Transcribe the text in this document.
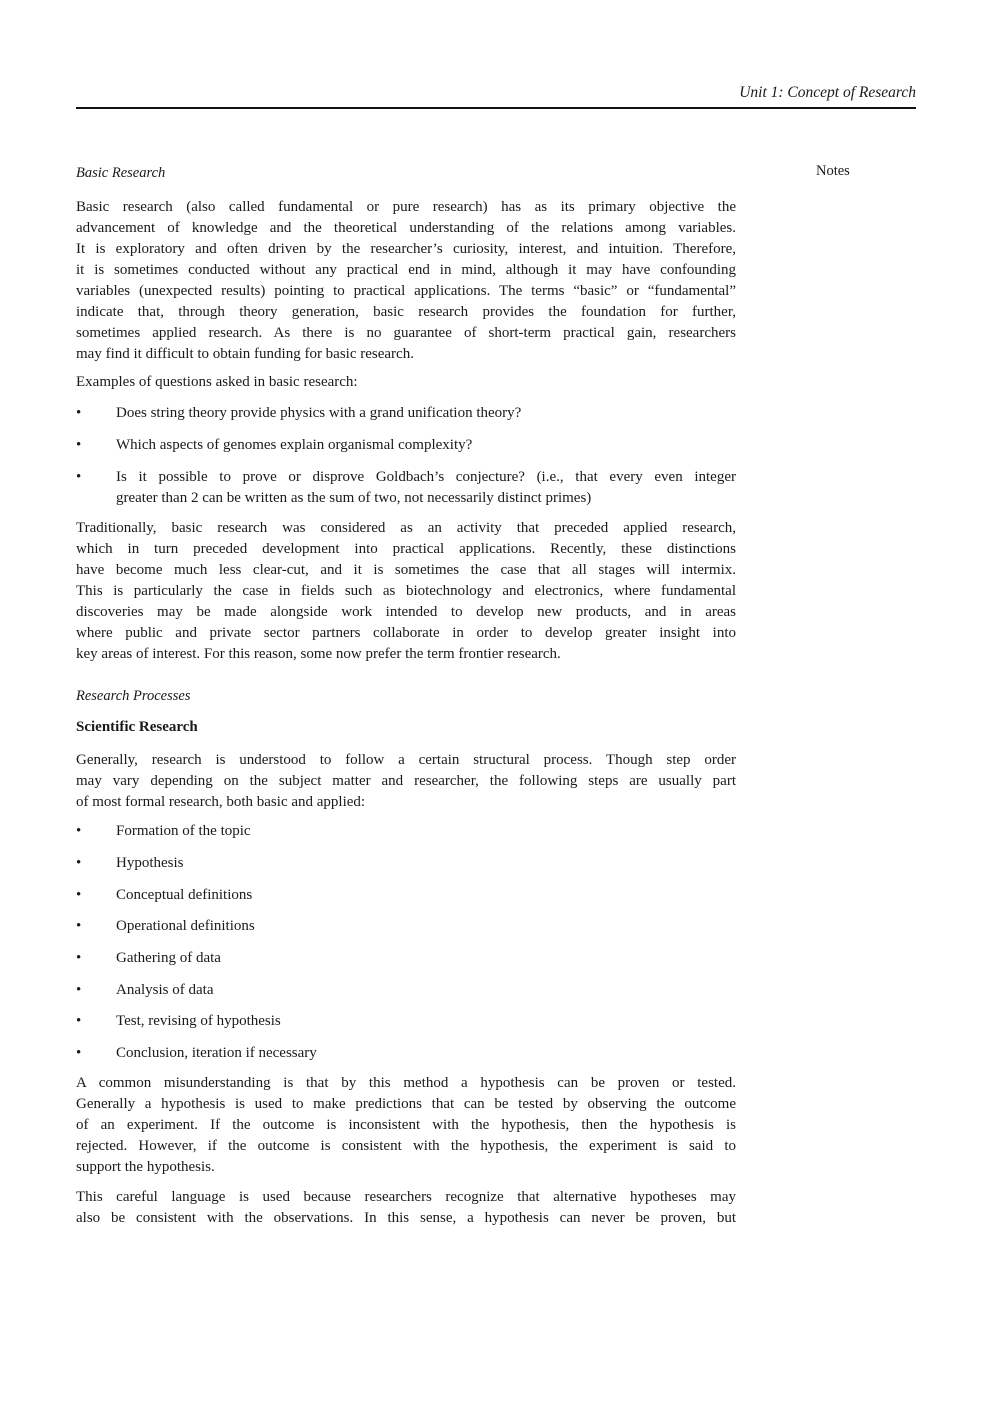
Unit 1: Concept of Research
Notes
Basic Research
Basic research (also called fundamental or pure research) has as its primary objective the
advancement of knowledge and the theoretical understanding of the relations among variables.
It is exploratory and often driven by the researcher’s curiosity, interest, and intuition. Therefore,
it is sometimes conducted without any practical end in mind, although it may have confounding
variables (unexpected results) pointing to practical applications. The terms “basic” or “fundamental”
indicate that, through theory generation, basic research provides the foundation for further,
sometimes applied research. As there is no guarantee of short-term practical gain, researchers
may find it difficult to obtain funding for basic research.
Examples of questions asked in basic research:
• Does string theory provide physics with a grand unification theory?
• Which aspects of genomes explain organismal complexity?
• Is it possible to prove or disprove Goldbach’s conjecture? (i.e., that every even integer
greater than 2 can be written as the sum of two, not necessarily distinct primes)
Traditionally, basic research was considered as an activity that preceded applied research,
which in turn preceded development into practical applications. Recently, these distinctions
have become much less clear-cut, and it is sometimes the case that all stages will intermix.
This is particularly the case in fields such as biotechnology and electronics, where fundamental
discoveries may be made alongside work intended to develop new products, and in areas
where public and private sector partners collaborate in order to develop greater insight into
key areas of interest. For this reason, some now prefer the term frontier research.
Research Processes
Scientific Research
Generally, research is understood to follow a certain structural process. Though step order
may vary depending on the subject matter and researcher, the following steps are usually part
of most formal research, both basic and applied:
• Formation of the topic
• Hypothesis
• Conceptual definitions
• Operational definitions
• Gathering of data
• Analysis of data
• Test, revising of hypothesis
• Conclusion, iteration if necessary
A common misunderstanding is that by this method a hypothesis can be proven or tested.
Generally a hypothesis is used to make predictions that can be tested by observing the outcome
of an experiment. If the outcome is inconsistent with the hypothesis, then the hypothesis is
rejected. However, if the outcome is consistent with the hypothesis, the experiment is said to
support the hypothesis.
This careful language is used because researchers recognize that alternative hypotheses may
also be consistent with the observations. In this sense, a hypothesis can never be proven, but
